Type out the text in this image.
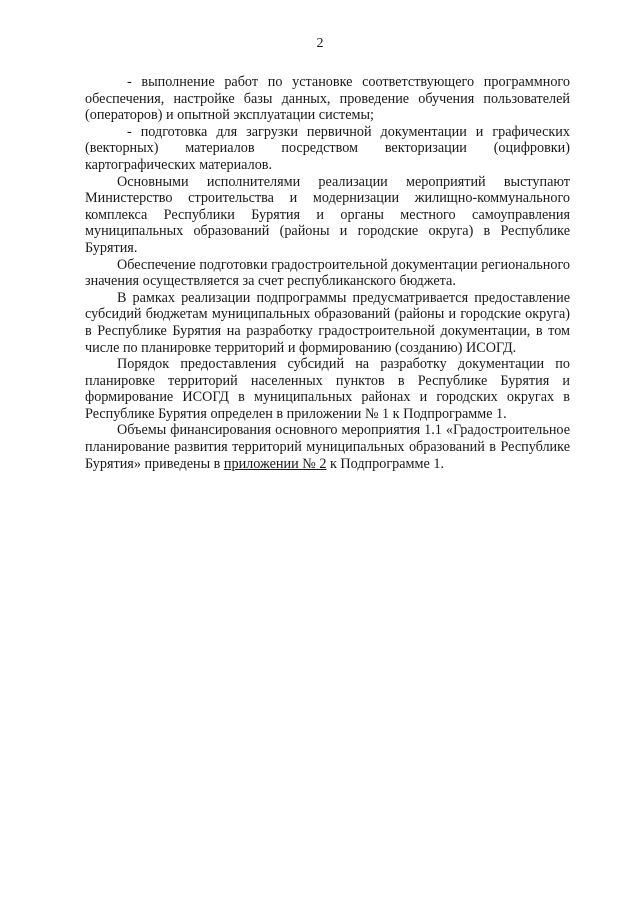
2

- выполнение работ по установке соответствующего программного обеспечения, настройке базы данных, проведение обучения пользователей (операторов) и опытной эксплуатации системы;

- подготовка для загрузки первичной документации и графических (векторных) материалов посредством векторизации (оцифровки) картографических материалов.

Основными исполнителями реализации мероприятий выступают Министерство строительства и модернизации жилищно-коммунального комплекса Республики Бурятия и органы местного самоуправления муниципальных образований (районы и городские округа) в Республике Бурятия.

Обеспечение подготовки градостроительной документации регионального значения осуществляется за счет республиканского бюджета.

В рамках реализации подпрограммы предусматривается предоставление субсидий бюджетам муниципальных образований (районы и городские округа) в Республике Бурятия на разработку градостроительной документации, в том числе по планировке территорий и формированию (созданию) ИСОГД.

Порядок предоставления субсидий на разработку документации по планировке территорий населенных пунктов в Республике Бурятия и формирование ИСОГД в муниципальных районах и городских округах в Республике Бурятия определен в приложении № 1 к Подпрограмме 1.

Объемы финансирования основного мероприятия 1.1 «Градостроительное планирование развития территорий муниципальных образований в Республике Бурятия» приведены в приложении № 2 к Подпрограмме 1.
